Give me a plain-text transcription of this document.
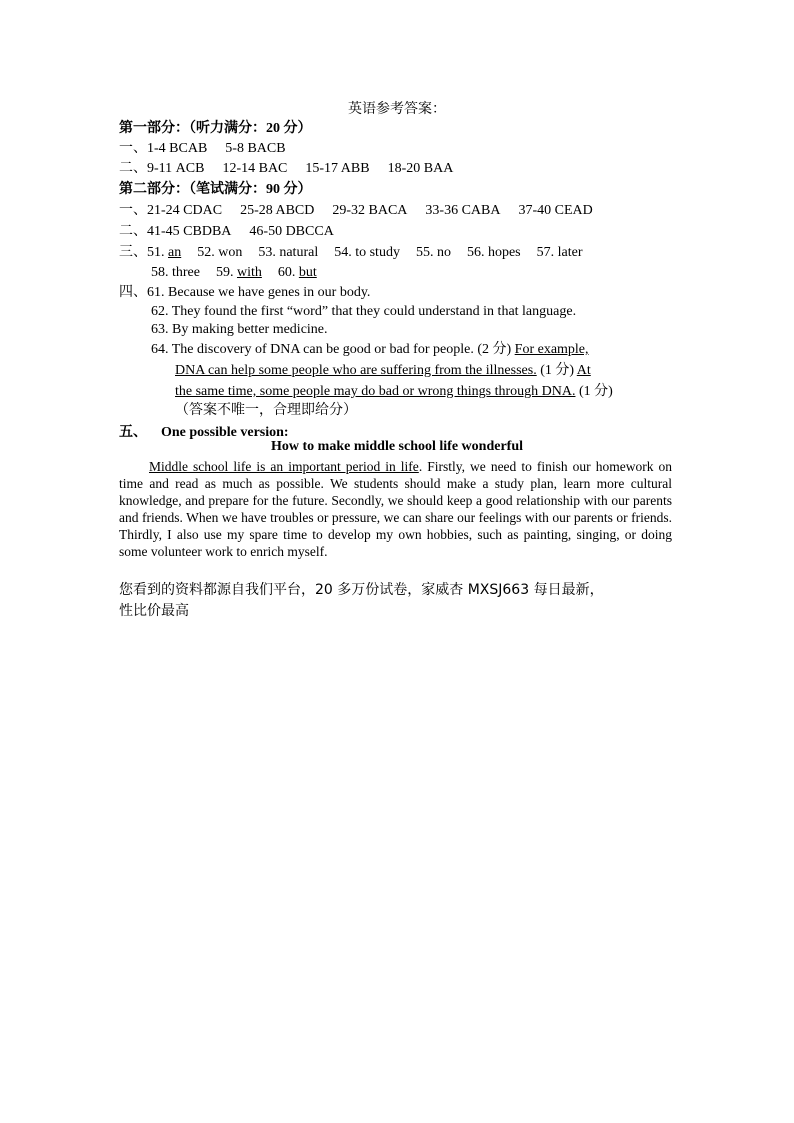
英语参考答案：
第一部分：（听力满分：20 分）
一、1-4 BCAB 5-8 BACB
二、9-11 ACB 12-14 BAC 15-17 ABB 18-20 BAA
第二部分：（笔试满分：90 分）
一、21-24 CDAC 25-28 ABCD 29-32 BACA 33-36 CABA 37-40 CEAD
二、41-45 CBDBA 46-50 DBCCA
三、51. an 52. won 53. natural 54. to study 55. no 56. hopes 57. later
58. three 59. with 60. but
四、61. Because we have genes in our body.
62. They found the first “word” that they could understand in that language.
63. By making better medicine.
64. The discovery of DNA can be good or bad for people. (2 分) For example,
DNA can help some people who are suffering from the illnesses. (1 分) At
the same time, some people may do bad or wrong things through DNA. (1 分)
（答案不唯一，合理即给分）
五、 One possible version:
How to make middle school life wonderful
Middle school life is an important period in life. Firstly, we need to finish our homework on time and read as much as possible. We students should make a study plan, learn more cultural knowledge, and prepare for the future. Secondly, we should keep a good relationship with our parents and friends. When we have troubles or pressure, we can share our feelings with our parents or friends. Thirdly, I also use my spare time to develop my own hobbies, such as painting, singing, or doing some volunteer work to enrich myself.
您看到的资料都源自我们平台，20 多万份试卷，家威杏 MXSJ663 每日最新，
性比价最高
